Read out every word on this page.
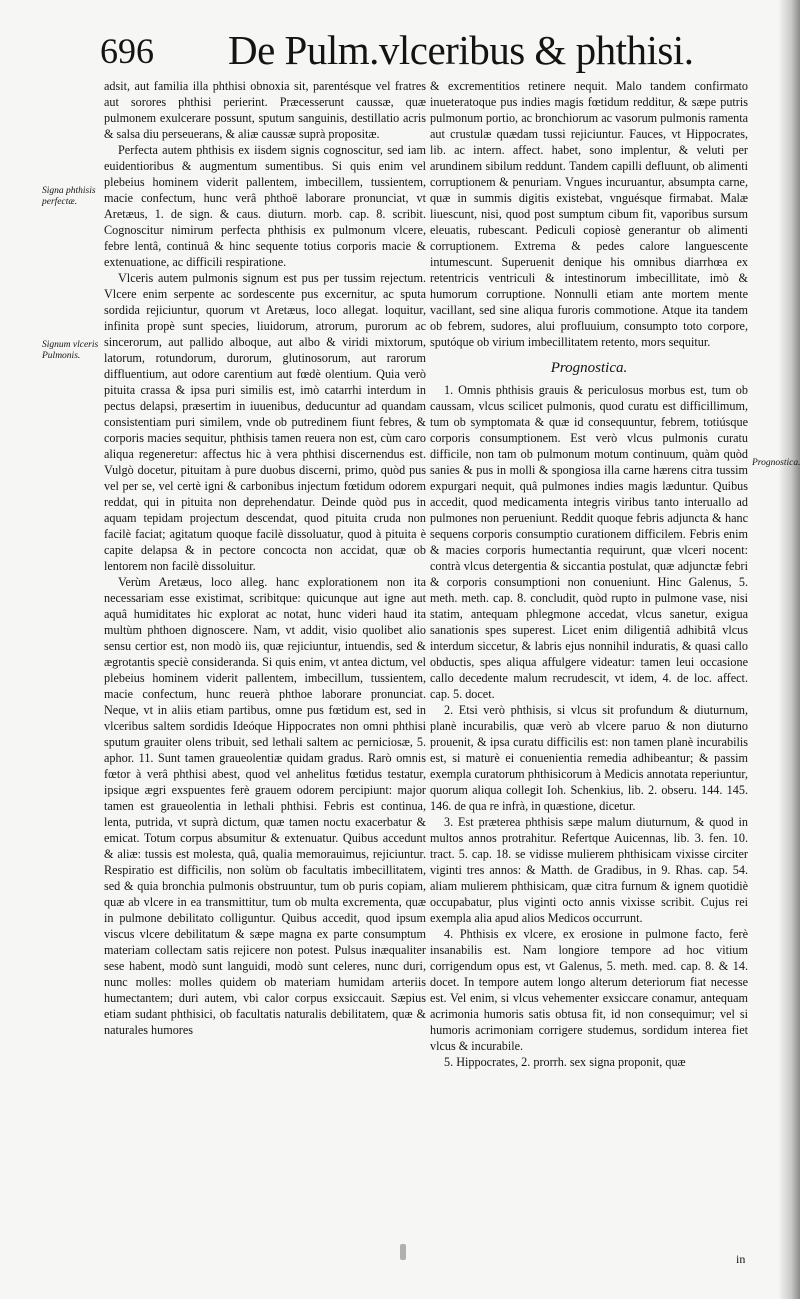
696 De Pulm.vlceribus & phthisi.
Signa phthisis perfectæ.
Signum vlceris Pulmonis.
Prognostica.

adsit, aut familia illa phthisi obnoxia sit, parentésque vel fratres aut sorores phthisi perierint. Præcesserunt caussæ, quæ pulmonem exulcerare possunt, sputum sanguinis, destillatio acris & salsa diu perseuerans, & aliæ caussæ suprà propositæ.

Perfecta autem phthisis ex iisdem signis cognoscitur, sed iam euidentioribus & augmentum sumentibus. Si quis enim vel plebeius hominem viderit pallentem, imbecillem, tussientem, macie confectum, hunc verâ phthoë laborare pronunciat, vt Aretæus, 1. de sign. & caus. diuturn. morb. cap. 8. scribit. Cognoscitur nimirum perfecta phthisis ex pulmonum vlcere, febre lentâ, continuâ & hinc sequente totius corporis macie & extenuatione, ac difficili respiratione.

Vlceris autem pulmonis signum est pus per tussim rejectum. Vlcere enim serpente ac sordescente pus excernitur, ac sputa sordida rejiciuntur, quorum vt Aretæus, loco allegat. loquitur, infinita propè sunt species, liuidorum, atrorum, purorum ac sincerorum, aut pallido alboque, aut albo & viridi mixtorum, latorum, rotundorum, durorum, glutinosorum, aut rarorum diffluentium, aut odore carentium aut fœdè olentium. Quia verò pituita crassa & ipsa puri similis est, imò catarrhi interdum in pectus delapsi, præsertim in iuuenibus, deducuntur ad quandam consistentiam puri similem, vnde ob putredinem fiunt febres, & corporis macies sequitur, phthisis tamen reuera non est, cùm caro aliqua regeneretur: affectus hic à vera phthisi discernendus est. Vulgò docetur, pituitam à pure duobus discerni, primo, quòd pus vel per se, vel certè igni & carbonibus injectum fœtidum odorem reddat, qui in pituita non deprehendatur. Deinde quòd pus in aquam tepidam projectum descendat, quod pituita cruda non facilè faciat; agitatum quoque facilè dissoluatur, quod à pituita è capite delapsa & in pectore concocta non accidat, quæ ob lentorem non facilè dissoluitur.

Verùm Aretæus, loco alleg. hanc explorationem non ita necessariam esse existimat, scribitque: quicunque aut igne aut aquâ humiditates hic explorat ac notat, hunc videri haud ita multùm phthoen dignoscere. Nam, vt addit, visio quolibet alio sensu certior est, non modò iis, quæ rejiciuntur, intuendis, sed & ægrotantis speciè consideranda. Si quis enim, vt antea dictum, vel plebeius hominem viderit pallentem, imbecillum, tussientem, macie confectum, hunc reuerà phthoe laborare pronunciat. Neque, vt in aliis etiam partibus, omne pus fœtidum est, sed in vlceribus saltem sordidis Ideóque Hippocrates non omni phthisi sputum grauiter olens tribuit, sed lethali saltem ac perniciosæ, 5. aphor. 11. Sunt tamen graueolentiæ quidam gradus. Rarò omnis fœtor à verâ phthisi abest, quod vel anhelitus fœtidus testatur, ipsique ægri exspuentes ferè grauem odorem percipiunt: major tamen est graueolentia in lethali phthisi. Febris est continua, lenta, putrida, vt suprà dictum, quæ tamen noctu exacerbatur & emicat. Totum corpus absumitur & extenuatur. Quibus accedunt & aliæ: tussis est molesta, quâ, qualia memorauimus, rejiciuntur. Respiratio est difficilis, non solùm ob facultatis imbecillitatem, sed & quia bronchia pulmonis obstruuntur, tum ob puris copiam, quæ ab vlcere in ea transmittitur, tum ob multa excrementa, quæ in pulmone debilitato colliguntur. Quibus accedit, quod ipsum viscus vlcere debilitatum & sæpe magna ex parte consumptum materiam collectam satis rejicere non potest. Pulsus inæqualiter sese habent, modò sunt languidi, modò sunt celeres, nunc duri, nunc molles: molles quidem ob materiam humidam arteriis humectantem; duri autem, vbi calor corpus exsiccauit. Sæpius etiam sudant phthisici, ob facultatis naturalis debilitatem, quæ & naturales humores

& excrementitios retinere nequit. Malo tandem confirmato inueteratoque pus indies magis fœtidum redditur, & sæpe putris pulmonum portio, ac bronchiorum ac vasorum pulmonis ramenta aut crustulæ quædam tussi rejiciuntur. Fauces, vt Hippocrates, lib. ac intern. affect. habet, sono implentur, & veluti per arundinem sibilum reddunt. Tandem capilli defluunt, ob alimenti corruptionem & penuriam. Vngues incuruantur, absumpta carne, quæ in summis digitis existebat, vnguésque firmabat. Malæ liuescunt, nisi, quod post sumptum cibum fit, vaporibus sursum eleuatis, rubescant. Pediculi copiosè generantur ob alimenti corruptionem. Extrema & pedes calore languescente intumescunt. Superuenit denique his omnibus diarrhœa ex retentricis ventriculi & intestinorum imbecillitate, imò & humorum corruptione. Nonnulli etiam ante mortem mente vacillant, sed sine aliqua furoris commotione. Atque ita tandem ob febrem, sudores, alui profluuium, consumpto toto corpore, sputóque ob virium imbecillitatem retento, mors sequitur.

Prognostica.

1. Omnis phthisis grauis & periculosus morbus est, tum ob caussam, vlcus scilicet pulmonis, quod curatu est difficillimum, tum ob symptomata & quæ id consequuntur, febrem, totiúsque corporis consumptionem. Est verò vlcus pulmonis curatu difficile, non tam ob pulmonum motum continuum, quàm quòd sanies & pus in molli & spongiosa illa carne hærens citra tussim expurgari nequit, quâ pulmones indies magis læduntur. Quibus accedit, quod medicamenta integris viribus tanto interuallo ad pulmones non perueniunt. Reddit quoque febris adjuncta & hanc sequens corporis consumptio curationem difficilem. Febris enim & macies corporis humectantia requirunt, quæ vlceri nocent: contrà vlcus detergentia & siccantia postulat, quæ adjunctæ febri & corporis consumptioni non conueniunt. Hinc Galenus, 5. meth. meth. cap. 8. concludit, quòd rupto in pulmone vase, nisi statim, antequam phlegmone accedat, vlcus sanetur, exigua sanationis spes superest. Licet enim diligentiâ adhibitâ vlcus interdum siccetur, & labris ejus nonnihil induratis, & quasi callo obductis, spes aliqua affulgere videatur: tamen leui occasione callo decedente malum recrudescit, vt idem, 4. de loc. affect. cap. 5. docet.

2. Etsi verò phthisis, si vlcus sit profundum & diuturnum, planè incurabilis, quæ verò ab vlcere paruo & non diuturno prouenit, & ipsa curatu difficilis est: non tamen planè incurabilis est, si maturè ei conuenientia remedia adhibeantur; & passim exempla curatorum phthisicorum à Medicis annotata reperiuntur, quorum aliqua collegit Ioh. Schenkius, lib. 2. obseru. 144. 145. 146. de qua re infrà, in quæstione, dicetur.

3. Est præterea phthisis sæpe malum diuturnum, & quod in multos annos protrahitur. Refertque Auicennas, lib. 3. fen. 10. tract. 5. cap. 18. se vidisse mulierem phthisicam vixisse circiter viginti tres annos: & Matth. de Gradibus, in 9. Rhas. cap. 54. aliam mulierem phthisicam, quæ citra furnum & ignem quotidiè occupabatur, plus viginti octo annis vixisse scribit. Cujus rei exempla alia apud alios Medicos occurrunt.

4. Phthisis ex vlcere, ex erosione in pulmone facto, ferè insanabilis est. Nam longiore tempore ad hoc vitium corrigendum opus est, vt Galenus, 5. meth. med. cap. 8. & 14. docet. In tempore autem longo alterum deteriorum fiat necesse est. Vel enim, si vlcus vehementer exsiccare conamur, antequam acrimonia humoris satis obtusa fit, id non consequimur; vel si humoris acrimoniam corrigere studemus, sordidum interea fiet vlcus & incurabile.

5. Hippocrates, 2. prorrh. sex signa proponit, quæ

in
